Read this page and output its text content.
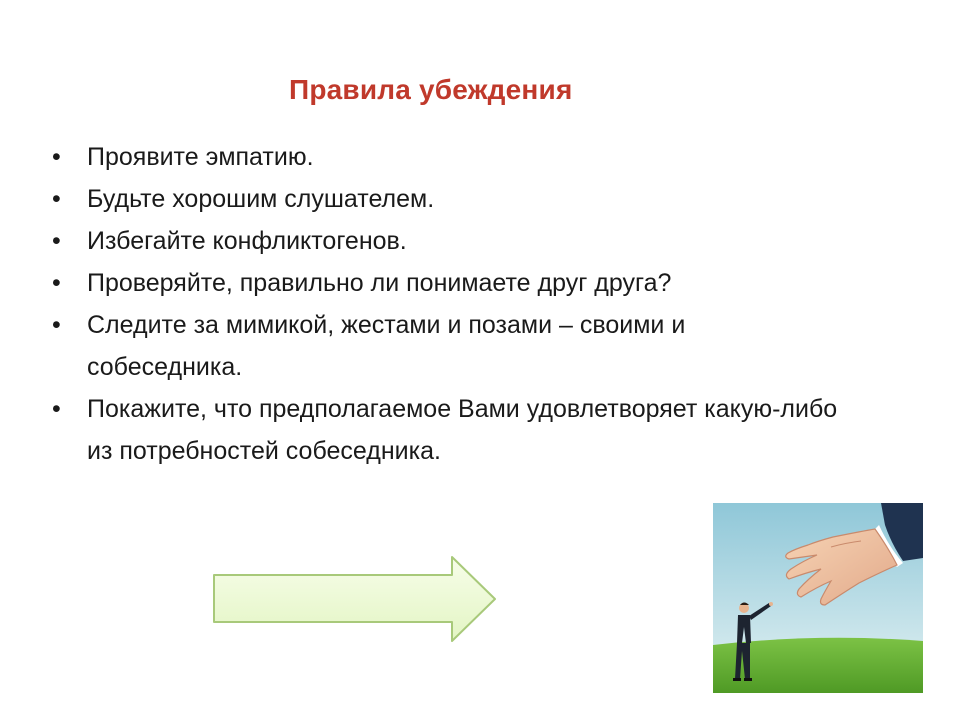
Правила убеждения
•	Проявите эмпатию.
•	Будьте хорошим слушателем.
•	Избегайте конфликтогенов.
•	Проверяйте, правильно ли понимаете друг друга?
•	Следите за мимикой, жестами и позами – своими и собеседника.
•	Покажите, что предполагаемое Вами удовлетворяет какую-либо из потребностей собеседника.
